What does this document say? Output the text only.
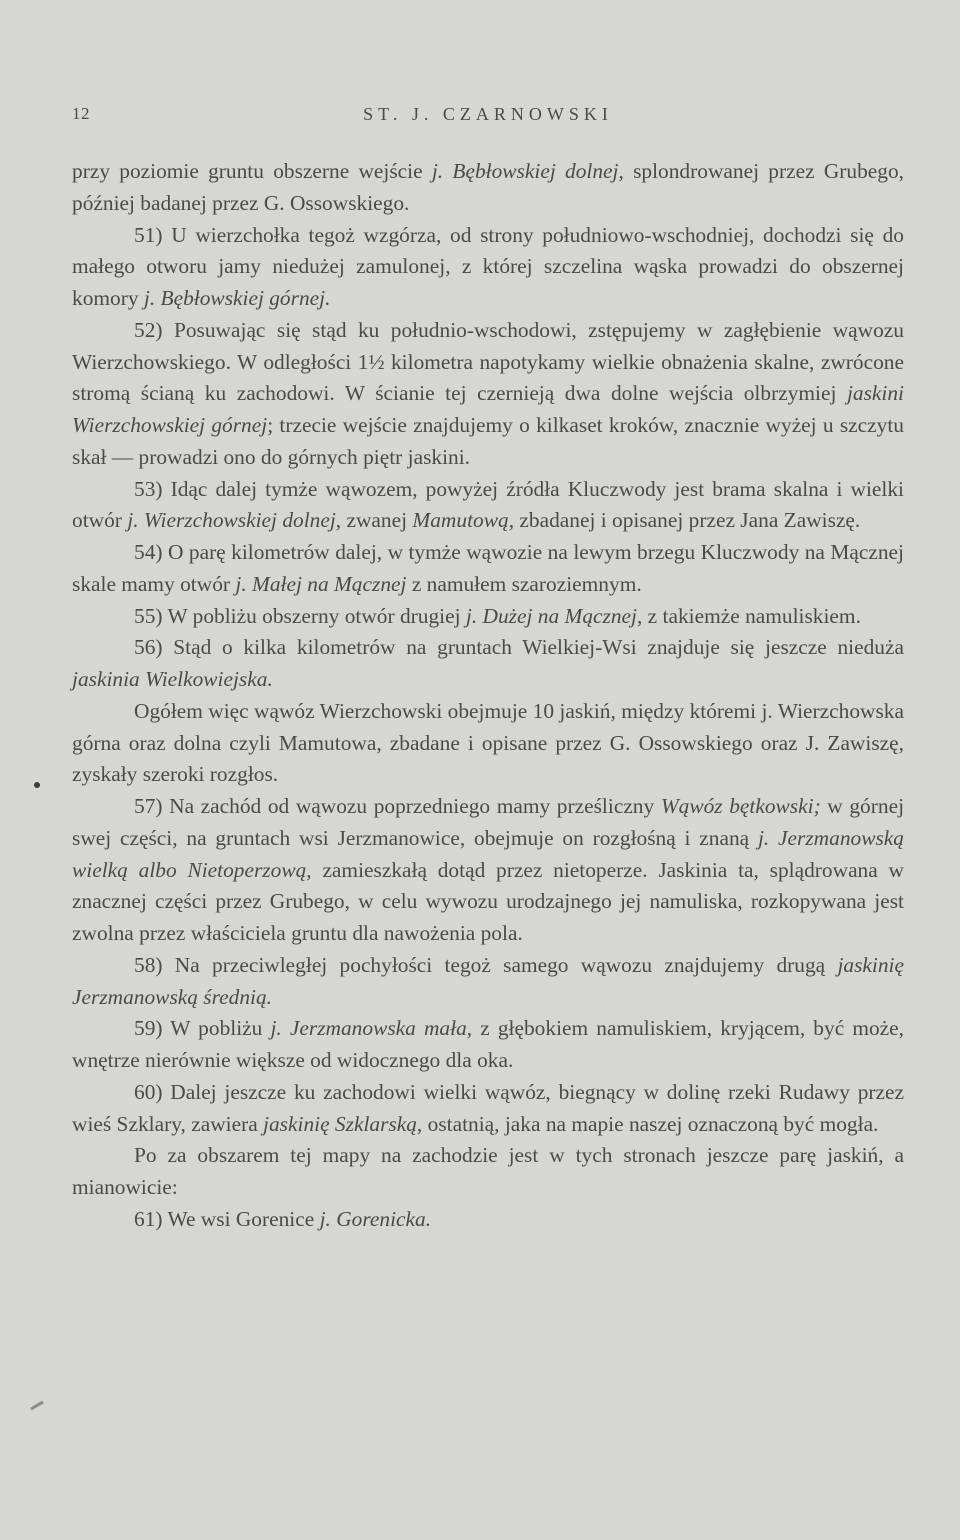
12	ST. J. CZARNOWSKI

przy poziomie gruntu obszerne wejście j. Bębłowskiej dolnej, splondrowanej przez Grubego, później badanej przez G. Ossowskiego.

51) U wierzchołka tegoż wzgórza, od strony południowo-wschodniej, dochodzi się do małego otworu jamy niedużej zamulonej, z której szczelina wąska prowadzi do obszernej komory j. Bębłowskiej górnej.

52) Posuwając się stąd ku południo-wschodowi, zstępujemy w zagłębienie wąwozu Wierzchowskiego. W odległości 1½ kilometra napotykamy wielkie obnażenia skalne, zwrócone stromą ścianą ku zachodowi. W ścianie tej czernieją dwa dolne wejścia olbrzymiej jaskini Wierzchowskiej górnej; trzecie wejście znajdujemy o kilkaset kroków, znacznie wyżej u szczytu skał — prowadzi ono do górnych piętr jaskini.

53) Idąc dalej tymże wąwozem, powyżej źródła Kluczwody jest brama skalna i wielki otwór j. Wierzchowskiej dolnej, zwanej Mamutową, zbadanej i opisanej przez Jana Zawiszę.

54) O parę kilometrów dalej, w tymże wąwozie na lewym brzegu Kluczwody na Mącznej skale mamy otwór j. Małej na Mącznej z namułem szaroziemnym.

55) W pobliżu obszerny otwór drugiej j. Dużej na Mącznej, z takiemże namuliskiem.

56) Stąd o kilka kilometrów na gruntach Wielkiej-Wsi znajduje się jeszcze nieduża jaskinia Wielkowiejska.

Ogółem więc wąwóz Wierzchowski obejmuje 10 jaskiń, między któremi j. Wierzchowska górna oraz dolna czyli Mamutowa, zbadane i opisane przez G. Ossowskiego oraz J. Zawiszę, zyskały szeroki rozgłos.

57) Na zachód od wąwozu poprzedniego mamy prześliczny Wąwóz bętkowski; w górnej swej części, na gruntach wsi Jerzmanowice, obejmuje on rozgłośną i znaną j. Jerzmanowską wielką albo Nietoperzową, zamieszkałą dotąd przez nietoperze. Jaskinia ta, splądrowana w znacznej części przez Grubego, w celu wywozu urodzajnego jej namuliska, rozkopywana jest zwolna przez właściciela gruntu dla nawożenia pola.

58) Na przeciwległej pochyłości tegoż samego wąwozu znajdujemy drugą jaskinię Jerzmanowską średnią.

59) W pobliżu j. Jerzmanowska mała, z głębokiem namuliskiem, kryjącem, być może, wnętrze nierównie większe od widocznego dla oka.

60) Dalej jeszcze ku zachodowi wielki wąwóz, biegnący w dolinę rzeki Rudawy przez wieś Szklary, zawiera jaskinię Szklarską, ostatnią, jaka na mapie naszej oznaczoną być mogła.

Po za obszarem tej mapy na zachodzie jest w tych stronach jeszcze parę jaskiń, a mianowicie:

61) We wsi Gorenice j. Gorenicka.
